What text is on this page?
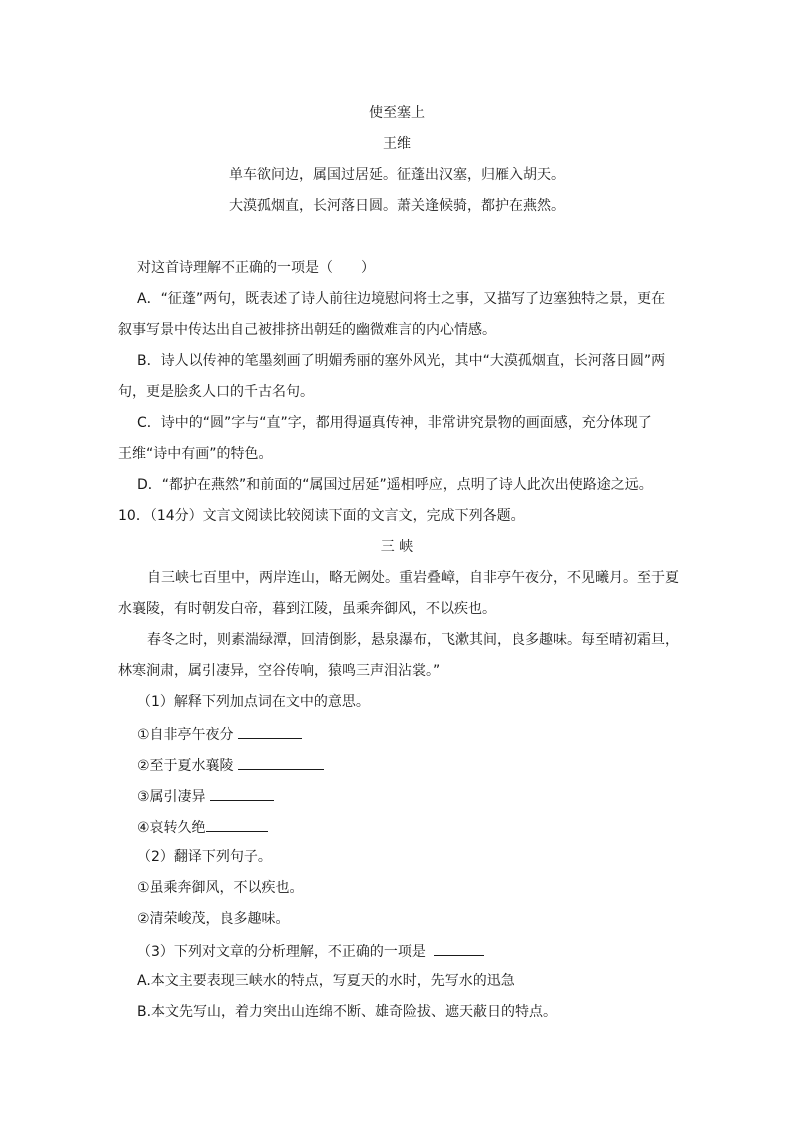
使至塞上
王维
单车欲问边，属国过居延。征蓬出汉塞，归雁入胡天。
大漠孤烟直，长河落日圆。萧关逢候骑，都护在燕然。
对这首诗理解不正确的一项是（　　）
A．“征蓬”两句，既表述了诗人前往边境慰问将士之事，又描写了边塞独特之景，更在
叙事写景中传达出自己被排挤出朝廷的幽微难言的内心情感。
B．诗人以传神的笔墨刻画了明媚秀丽的塞外风光，其中“大漠孤烟直，长河落日圆”两
句，更是脍炙人口的千古名句。
C．诗中的“圆”字与“直”字，都用得逼真传神，非常讲究景物的画面感，充分体现了
王维“诗中有画”的特色。
D．“都护在燕然”和前面的“属国过居延”遥相呼应，点明了诗人此次出使路途之远。
10．（14分）文言文阅读比较阅读下面的文言文，完成下列各题。
三 峡
自三峡七百里中，两岸连山，略无阙处。重岩叠嶂，自非亭午夜分，不见曦月。至于夏
水襄陵，有时朝发白帝，暮到江陵，虽乘奔御风，不以疾也。
春冬之时，则素湍绿潭，回清倒影，悬泉瀑布，飞漱其间，良多趣味。每至晴初霜旦，
林寒涧肃，属引凄异，空谷传响，猿鸣三声泪沾裳。”
（1）解释下列加点词在文中的意思。
①自非亭午夜分
②至于夏水襄陵
③属引凄异
④哀转久绝
（2）翻译下列句子。
①虽乘奔御风，不以疾也。
②清荣峻茂，良多趣味。
（3）下列对文章的分析理解，不正确的一项是
A.本文主要表现三峡水的特点，写夏天的水时，先写水的迅急
B.本文先写山，着力突出山连绵不断、雄奇险拔、遮天蔽日的特点。
